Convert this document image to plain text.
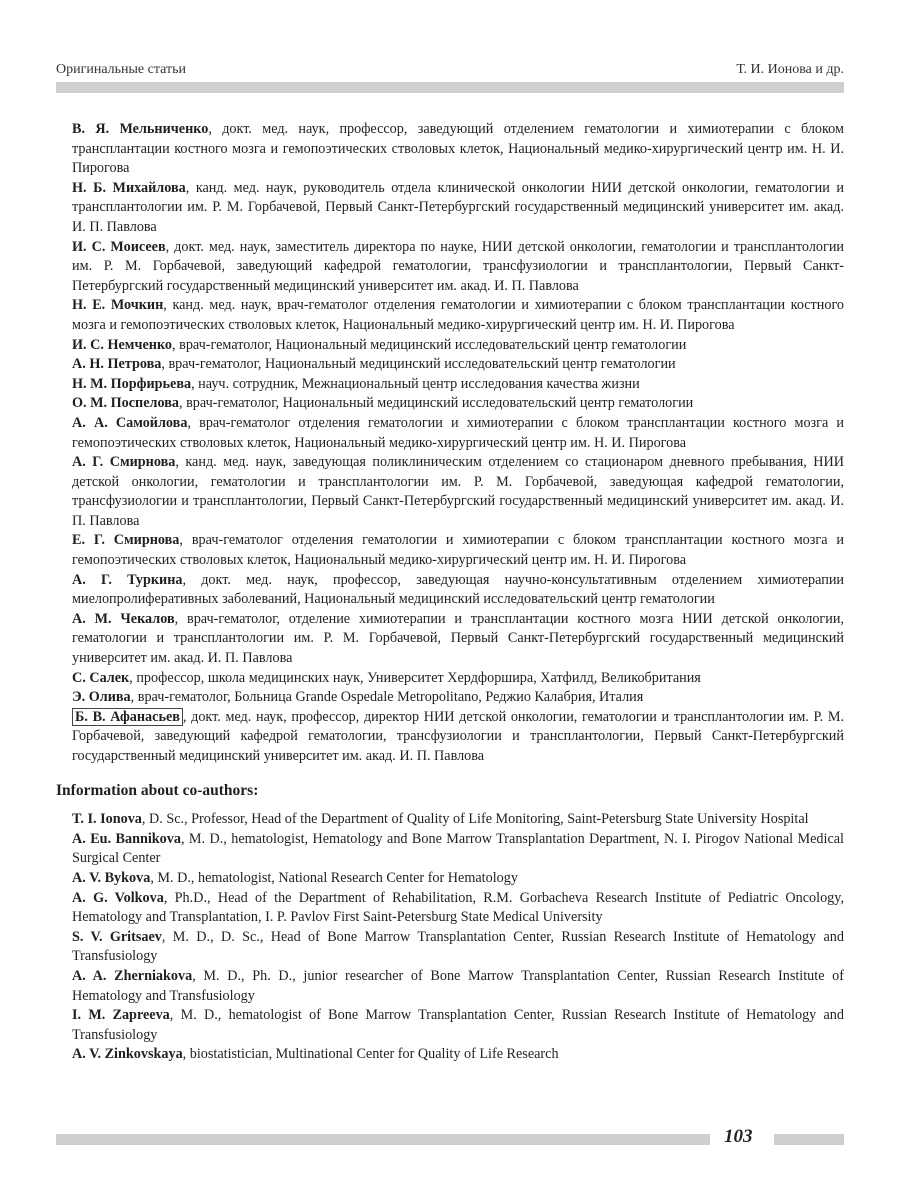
Оригинальные статьи	Т. И. Ионова и др.

В. Я. Мельниченко, докт. мед. наук, профессор, заведующий отделением гематологии и химиотерапии с блоком трансплантации костного мозга и гемопоэтических стволовых клеток, Национальный медико-хирургический центр им. Н. И. Пирогова

Н. Б. Михайлова, канд. мед. наук, руководитель отдела клинической онкологии НИИ детской онкологии, гематологии и трансплантологии им. Р. М. Горбачевой, Первый Санкт-Петербургский государственный медицинский университет им. акад. И. П. Павлова

И. С. Моисеев, докт. мед. наук, заместитель директора по науке, НИИ детской онкологии, гематологии и трансплантологии им. Р. М. Горбачевой, заведующий кафедрой гематологии, трансфузиологии и трансплантологии, Первый Санкт-Петербургский государственный медицинский университет им. акад. И. П. Павлова

Н. Е. Мочкин, канд. мед. наук, врач-гематолог отделения гематологии и химиотерапии с блоком трансплантации костного мозга и гемопоэтических стволовых клеток, Национальный медико-хирургический центр им. Н. И. Пирогова

И. С. Немченко, врач-гематолог, Национальный медицинский исследовательский центр гематологии

А. Н. Петрова, врач-гематолог, Национальный медицинский исследовательский центр гематологии

Н. М. Порфирьева, науч. сотрудник, Межнациональный центр исследования качества жизни

О. М. Поспелова, врач-гематолог, Национальный медицинский исследовательский центр гематологии

А. А. Самойлова, врач-гематолог отделения гематологии и химиотерапии с блоком трансплантации костного мозга и гемопоэтических стволовых клеток, Национальный медико-хирургический центр им. Н. И. Пирогова

А. Г. Смирнова, канд. мед. наук, заведующая поликлиническим отделением со стационаром дневного пребывания, НИИ детской онкологии, гематологии и трансплантологии им. Р. М. Горбачевой, заведующая кафедрой гематологии, трансфузиологии и трансплантологии, Первый Санкт-Петербургский государственный медицинский университет им. акад. И. П. Павлова

Е. Г. Смирнова, врач-гематолог отделения гематологии и химиотерапии с блоком трансплантации костного мозга и гемопоэтических стволовых клеток, Национальный медико-хирургический центр им. Н. И. Пирогова

А. Г. Туркина, докт. мед. наук, профессор, заведующая научно-консультативным отделением химиотерапии миелопролиферативных заболеваний, Национальный медицинский исследовательский центр гематологии

А. М. Чекалов, врач-гематолог, отделение химиотерапии и трансплантации костного мозга НИИ детской онкологии, гематологии и трансплантологии им. Р. М. Горбачевой, Первый Санкт-Петербургский государственный медицинский университет им. акад. И. П. Павлова

С. Салек, профессор, школа медицинских наук, Университет Хердфоршира, Хатфилд, Великобритания

Э. Олива, врач-гематолог, Больница Grande Ospedale Metropolitano, Реджио Калабрия, Италия

Б. В. Афанасьев , докт. мед. наук, профессор, директор НИИ детской онкологии, гематологии и трансплантологии им. Р. М. Горбачевой, заведующий кафедрой гематологии, трансфузиологии и трансплантологии, Первый Санкт-Петербургский государственный медицинский университет им. акад. И. П. Павлова

Information about co-authors:

T. I. Ionova, D. Sc., Professor, Head of the Department of Quality of Life Monitoring, Saint-Petersburg State University Hospital

A. Eu. Bannikova, M. D., hematologist, Hematology and Bone Marrow Transplantation Department, N. I. Pirogov National Medical Surgical Center

A. V. Bykova, M. D., hematologist, National Research Center for Hematology

A. G. Volkova, Ph.D., Head of the Department of Rehabilitation, R.M. Gorbacheva Research Institute of Pediatric Oncology, Hematology and Transplantation, I. P. Pavlov First Saint-Petersburg State Medical University

S. V. Gritsaev, M. D., D. Sc., Head of Bone Marrow Transplantation Center, Russian Research Institute of Hematology and Transfusiology

A. A. Zherniakova, M. D., Ph. D., junior researcher of Bone Marrow Transplantation Center, Russian Research Institute of Hematology and Transfusiology

I. M. Zapreeva, M. D., hematologist of Bone Marrow Transplantation Center, Russian Research Institute of Hematology and Transfusiology

A. V. Zinkovskaya, biostatistician, Multinational Center for Quality of Life Research

103
